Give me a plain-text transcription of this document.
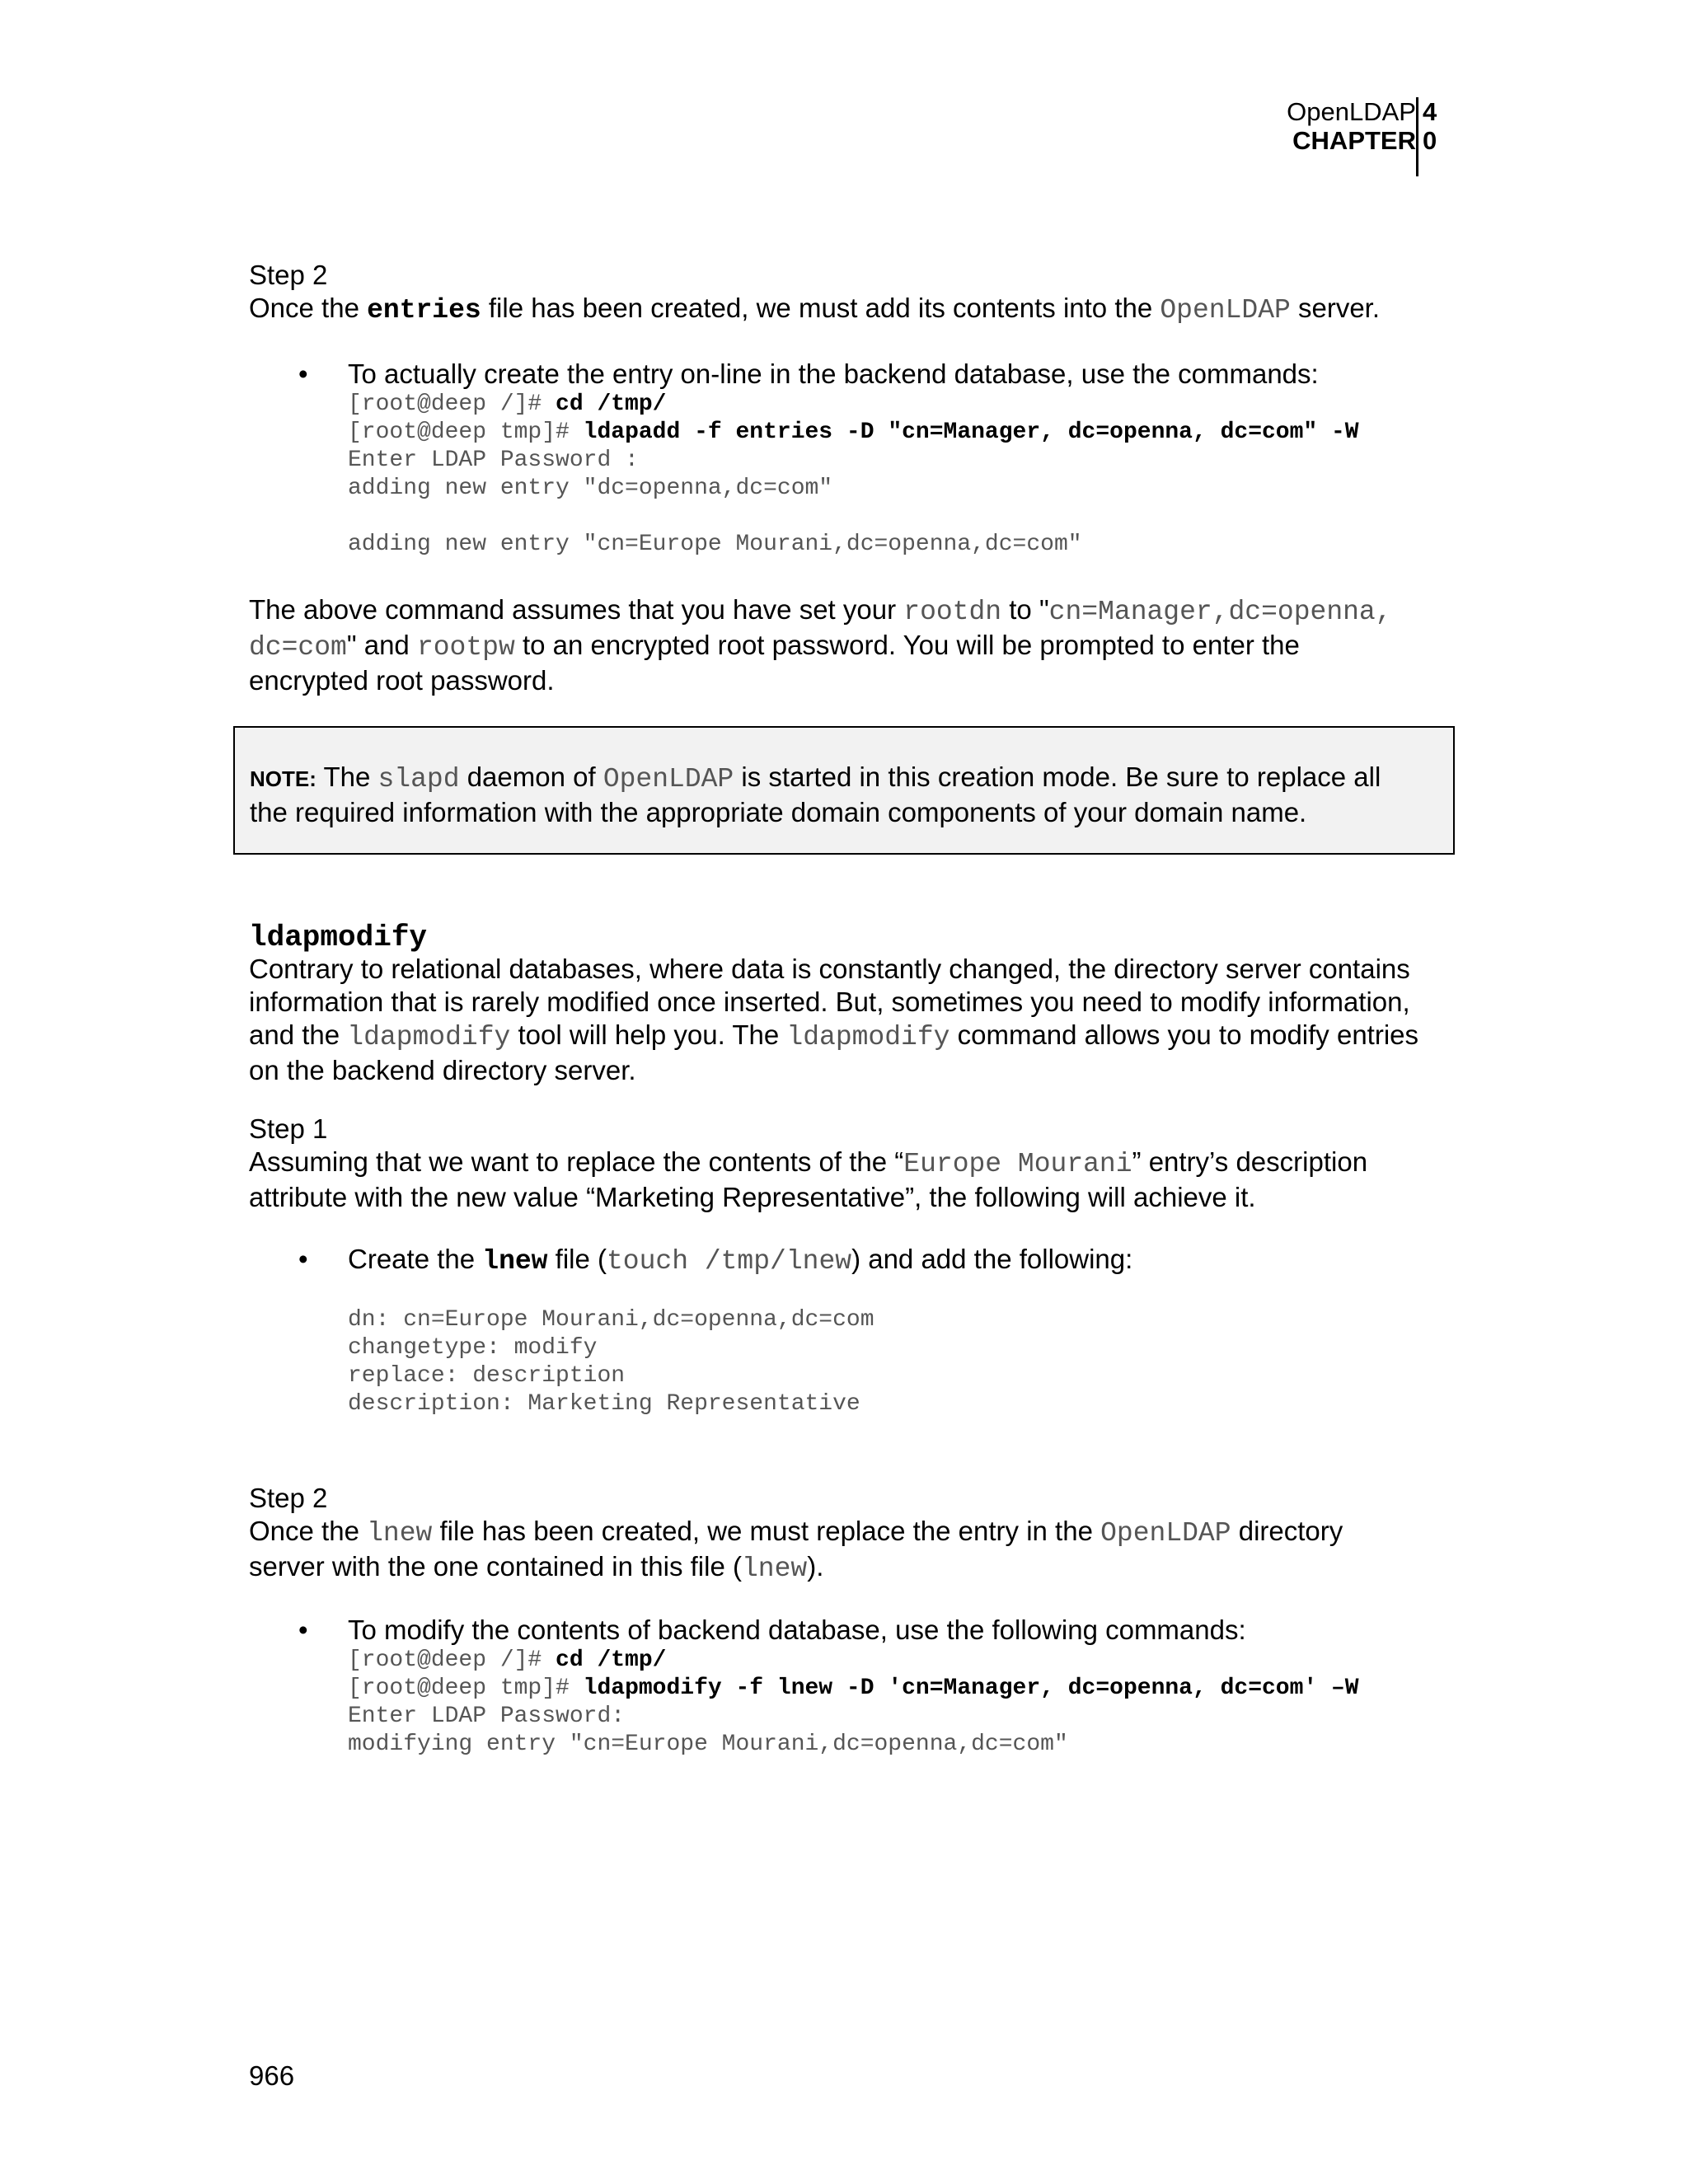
OpenLDAP
CHAPTER
4
0
Step 2
Once the entries file has been created, we must add its contents into the OpenLDAP server.
• To actually create the entry on-line in the backend database, use the commands:
[root@deep /]# cd /tmp/
[root@deep tmp]# ldapadd -f entries -D "cn=Manager, dc=openna, dc=com" -W
Enter LDAP Password :
adding new entry "dc=openna,dc=com"

adding new entry "cn=Europe Mourani,dc=openna,dc=com"
The above command assumes that you have set your rootdn to "cn=Manager,dc=openna,
dc=com" and rootpw to an encrypted root password. You will be prompted to enter the
encrypted root password.
NOTE: The slapd daemon of OpenLDAP is started in this creation mode. Be sure to replace all
the required information with the appropriate domain components of your domain name.
ldapmodify
Contrary to relational databases, where data is constantly changed, the directory server contains
information that is rarely modified once inserted. But, sometimes you need to modify information,
and the ldapmodify tool will help you. The ldapmodify command allows you to modify entries
on the backend directory server.
Step 1
Assuming that we want to replace the contents of the “Europe Mourani” entry’s description
attribute with the new value “Marketing Representative”, the following will achieve it.
• Create the lnew file (touch /tmp/lnew) and add the following:
dn: cn=Europe Mourani,dc=openna,dc=com
changetype: modify
replace: description
description: Marketing Representative
Step 2
Once the lnew file has been created, we must replace the entry in the OpenLDAP directory
server with the one contained in this file (lnew).
• To modify the contents of backend database, use the following commands:
[root@deep /]# cd /tmp/
[root@deep tmp]# ldapmodify -f lnew -D 'cn=Manager, dc=openna, dc=com' –W
Enter LDAP Password:
modifying entry "cn=Europe Mourani,dc=openna,dc=com"
966
